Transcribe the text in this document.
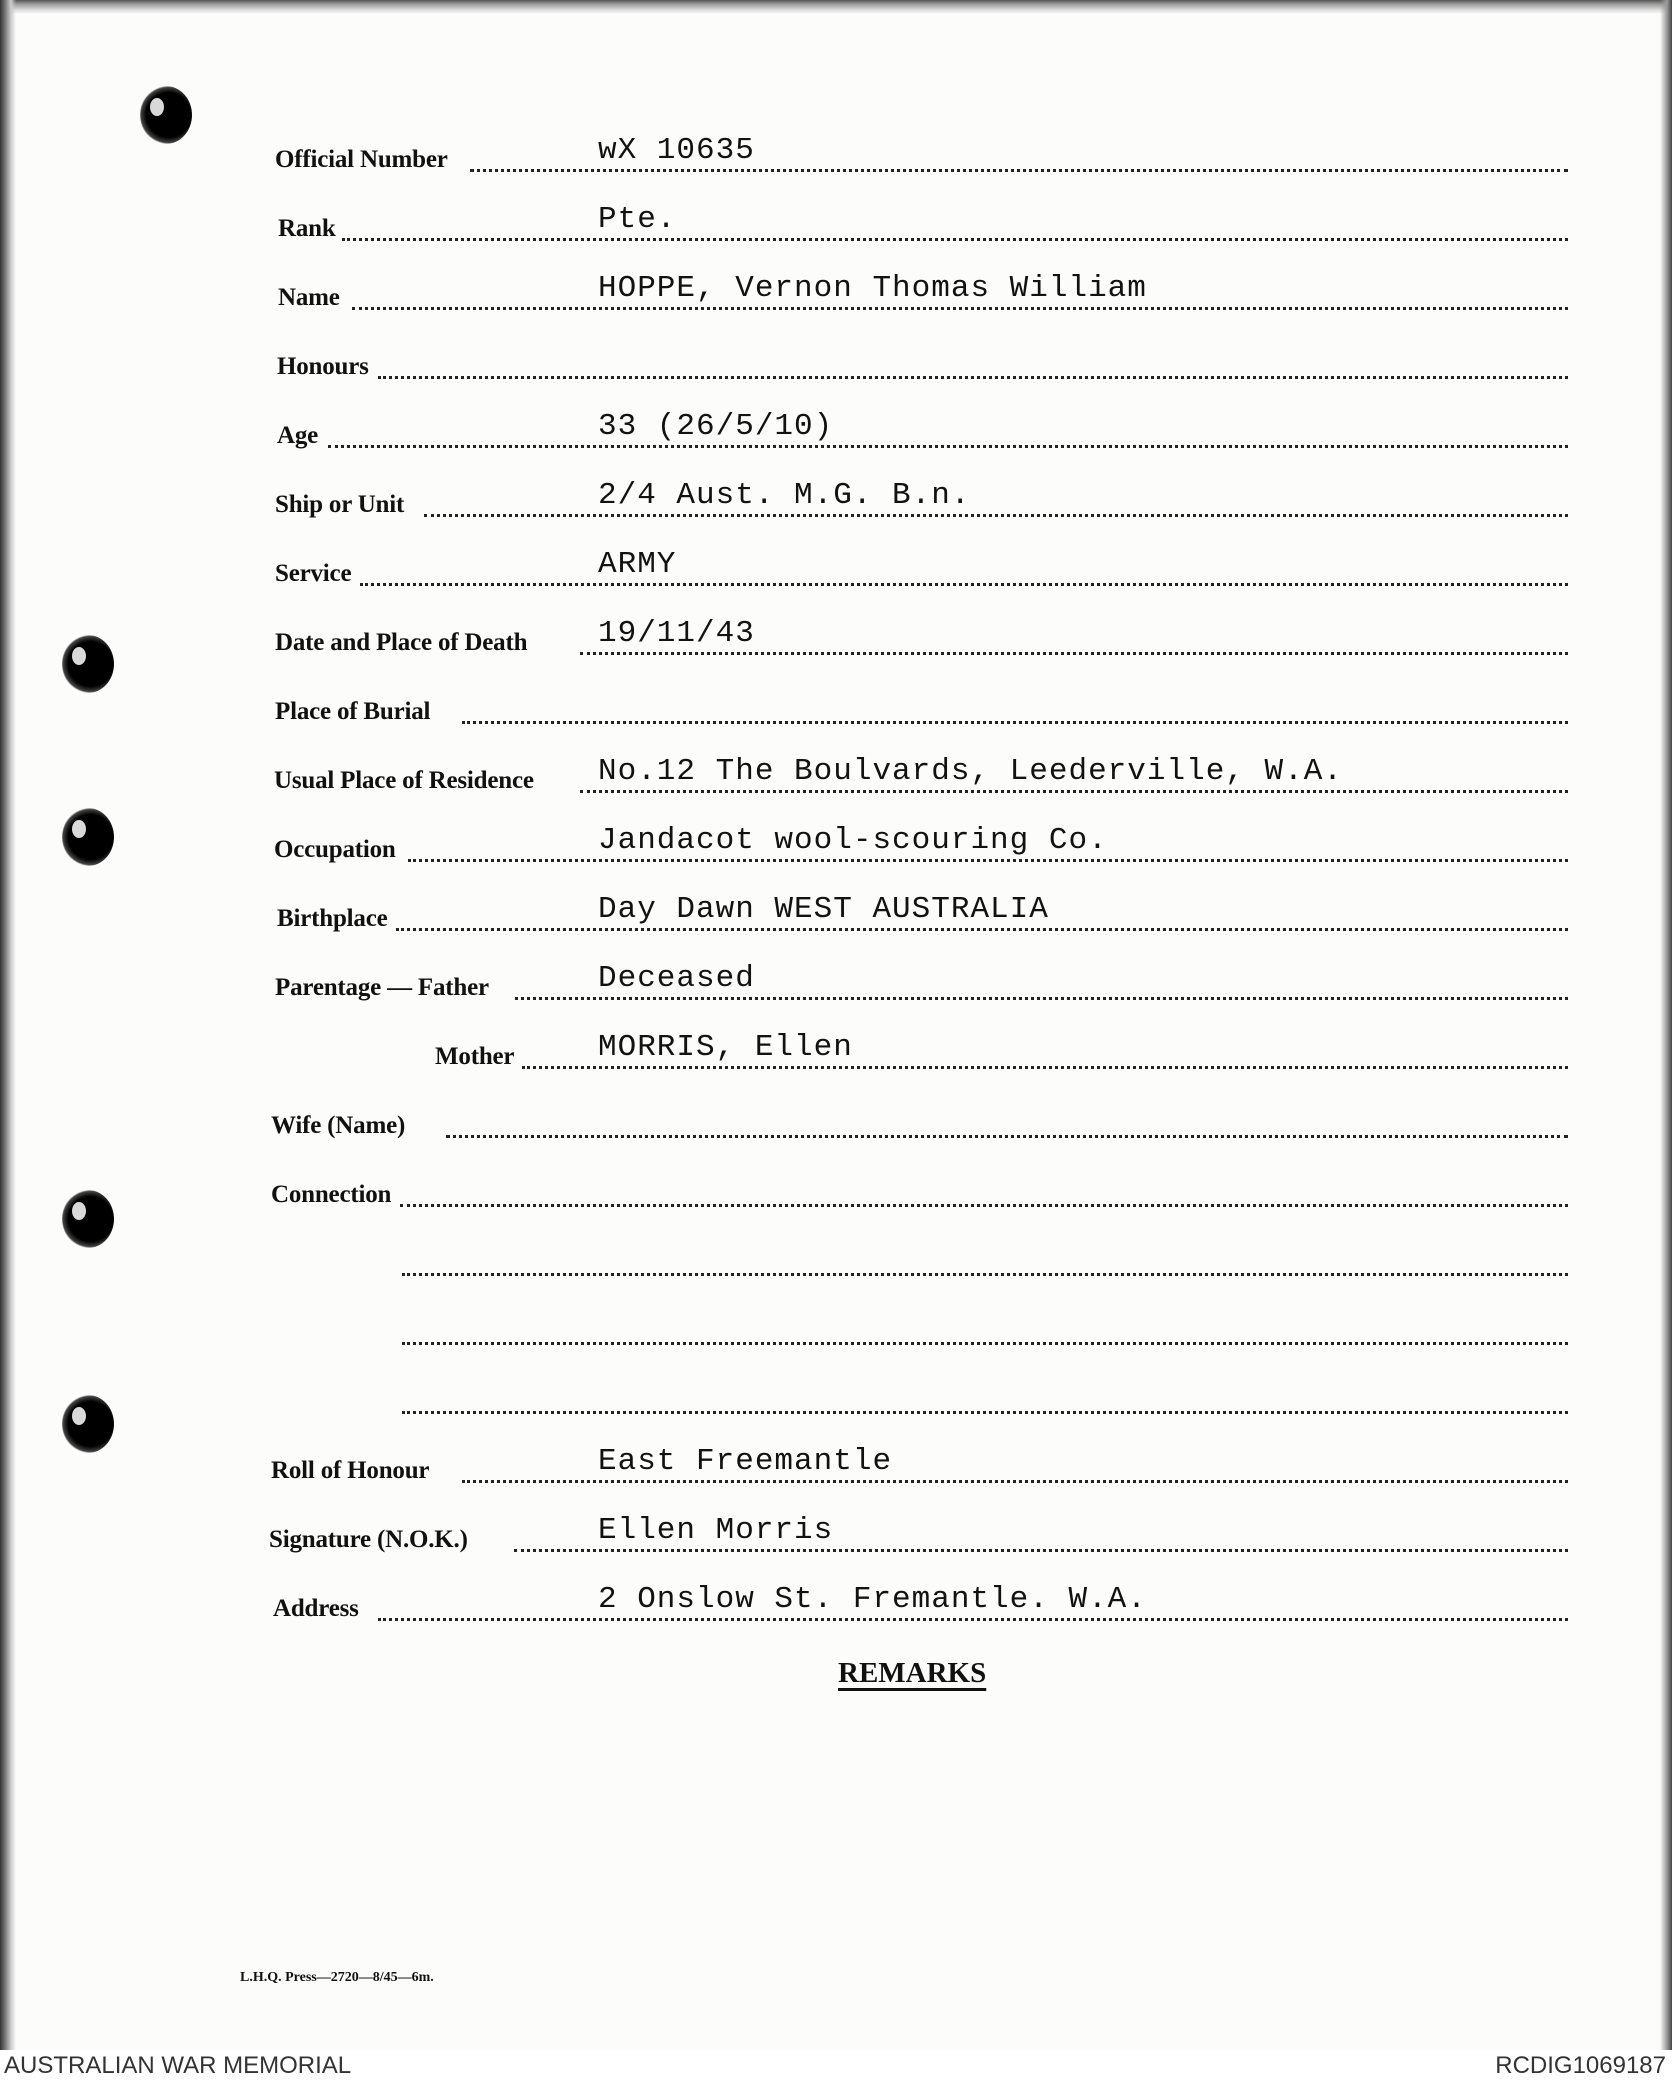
Official Number	wX 10635
Rank	Pte.
Name	HOPPE, Vernon Thomas William
Honours
Age	33 (26/5/10)
Ship or Unit	2/4 Aust. M.G. B.n.
Service	ARMY
Date and Place of Death 19/11/43
Place of Burial
Usual Place of Residence No.12 The Boulvards, Leederville, W.A.
Occupation	Jandacot wool-scouring Co.
Birthplace	Day Dawn WEST AUSTRALIA
Parentage — Father	Deceased
Mother	MORRIS, Ellen
Wife (Name)
Connection
Roll of Honour	East Freemantle
Signature (N.O.K.)	Ellen Morris
Address	2 Onslow St. Fremantle. W.A.
REMARKS
L.H.Q. Press—2720—8/45—6m.
AUSTRALIAN WAR MEMORIAL	RCDIG1069187
